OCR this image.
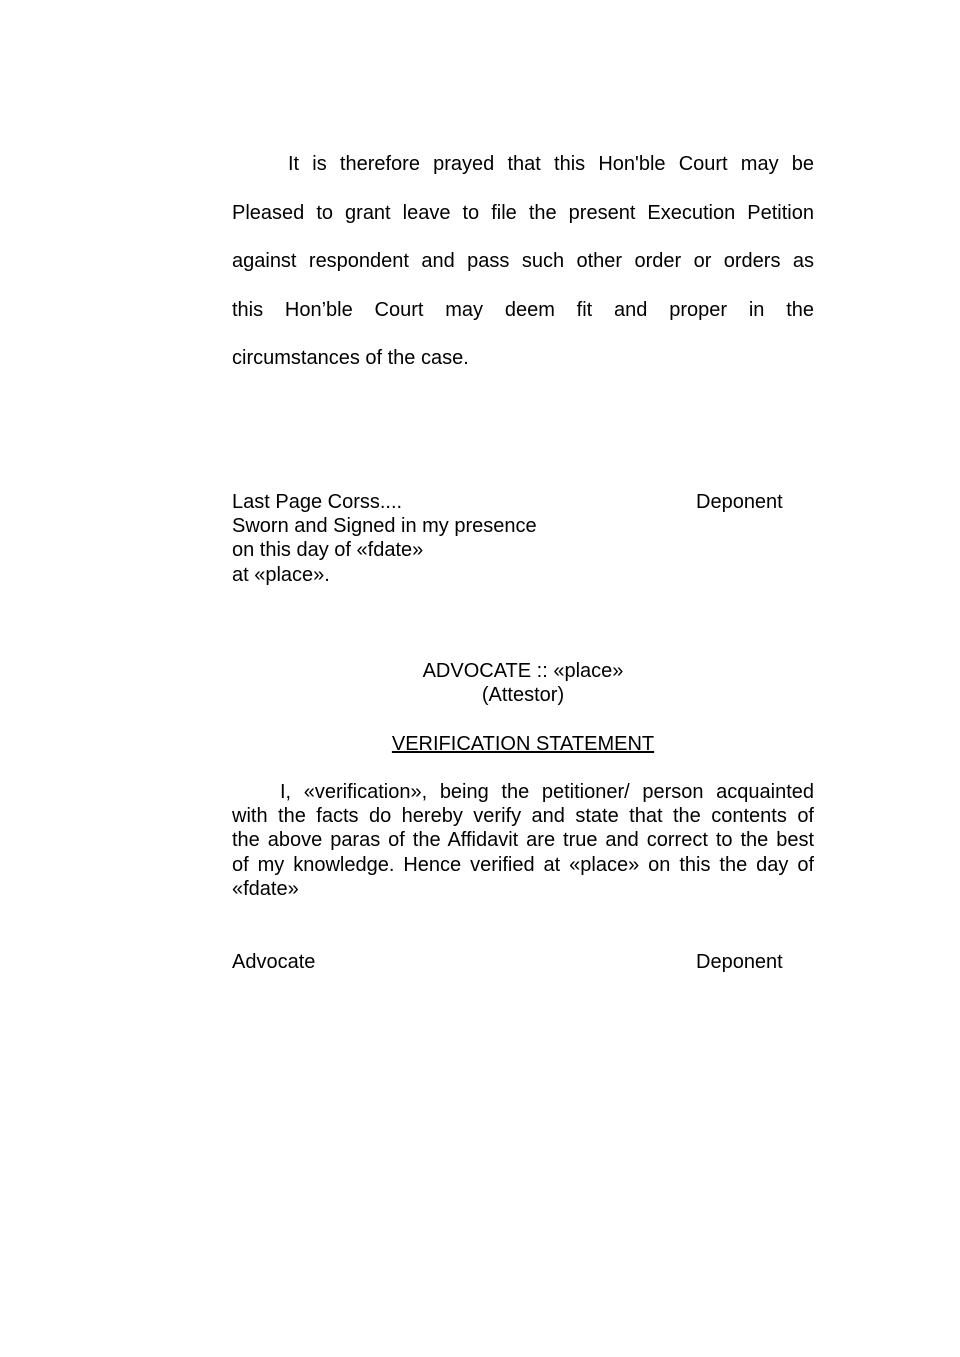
It is therefore prayed that this Hon'ble Court may be
Pleased to grant leave to file the present Execution Petition
against respondent and pass such other order or orders as
this Hon’ble Court may deem fit and proper in the
circumstances of the case.
Last Page Corss....	Deponent
Sworn and Signed in my presence
on this day of «fdate»
at «place».
ADVOCATE :: «place»
(Attestor)
VERIFICATION STATEMENT
I, «verification», being the petitioner/ person acquainted
with the facts do hereby verify and state that the contents of
the above paras of the Affidavit are true and correct to the best
of my knowledge. Hence verified at «place» on this the day of
«fdate»
Advocate	Deponent
